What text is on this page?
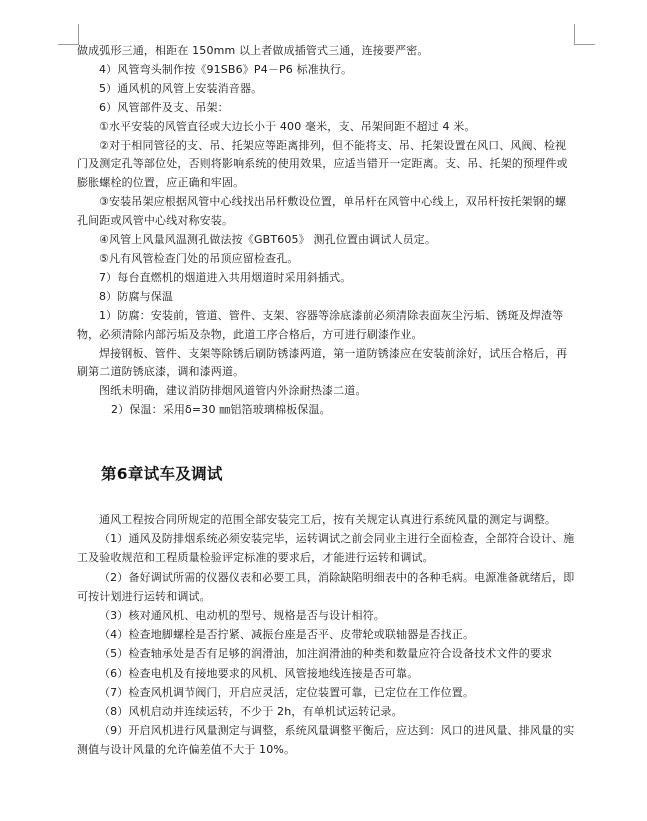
做成弧形三通，相距在 150mm 以上者做成插管式三通，连接要严密。

4）风管弯头制作按《91SB6》P4－P6 标准执行。

5）通风机的风管上安装消音器。

6）风管部件及支、吊架：

①水平安装的风管直径或大边长小于 400 毫米，支、吊架间距不超过 4 米。

②对于相同管径的支、吊、托架应等距离排列，但不能将支、吊、托架设置在风口、风阀、检视门及测定孔等部位处，否则将影响系统的使用效果，应适当错开一定距离。支、吊、托架的预埋件或膨胀螺栓的位置，应正确和牢固。

③安装吊架应根据风管中心线找出吊杆敷设位置，单吊杆在风管中心线上，双吊杆按托架钢的螺孔间距或风管中心线对称安装。

④风管上风量风温测孔做法按《GBT605》 测孔位置由调试人员定。

⑤凡有风管检查门处的吊顶应留检查孔。

7）每台直燃机的烟道进入共用烟道时采用斜插式。

8）防腐与保温

1）防腐：安装前，管道、管件、支架、容器等涂底漆前必须清除表面灰尘污垢、锈斑及焊渣等物，必须清除内部污垢及杂物，此道工序合格后，方可进行刷漆作业。

焊接钢板、管件、支架等除锈后刷防锈漆两道，第一道防锈漆应在安装前涂好，试压合格后，再刷第二道防锈底漆，调和漆两道。

图纸未明确，建议消防排烟风道管内外涂耐热漆二道。

2）保温：采用δ=30 ㎜铝箔玻璃棉板保温。

第6章试车及调试

通风工程按合同所规定的范围全部安装完工后，按有关规定认真进行系统风量的测定与调整。

（1）通风及防排烟系统必须安装完毕，运转调试之前会同业主进行全面检查，全部符合设计、施工及验收规范和工程质量检验评定标准的要求后，才能进行运转和调试。

（2）备好调试所需的仪器仪表和必要工具，消除缺陷明细表中的各种毛病。电源准备就绪后，即可按计划进行运转和调试。

（3）核对通风机、电动机的型号、规格是否与设计相符。

（4）检查地脚螺栓是否拧紧、减振台座是否平、皮带轮或联轴器是否找正。

（5）检查轴承处是否有足够的润滑油，加注润滑油的种类和数量应符合设备技术文件的要求

（6）检查电机及有接地要求的风机、风管接地线连接是否可靠。

（7）检查风机调节阀门，开启应灵活，定位装置可靠，已定位在工作位置。

（8）风机启动并连续运转，不少于 2h，有单机试运转记录。

（9）开启风机进行风量测定与调整，系统风量调整平衡后，应达到：风口的进风量、排风量的实测值与设计风量的允许偏差值不大于 10%。
